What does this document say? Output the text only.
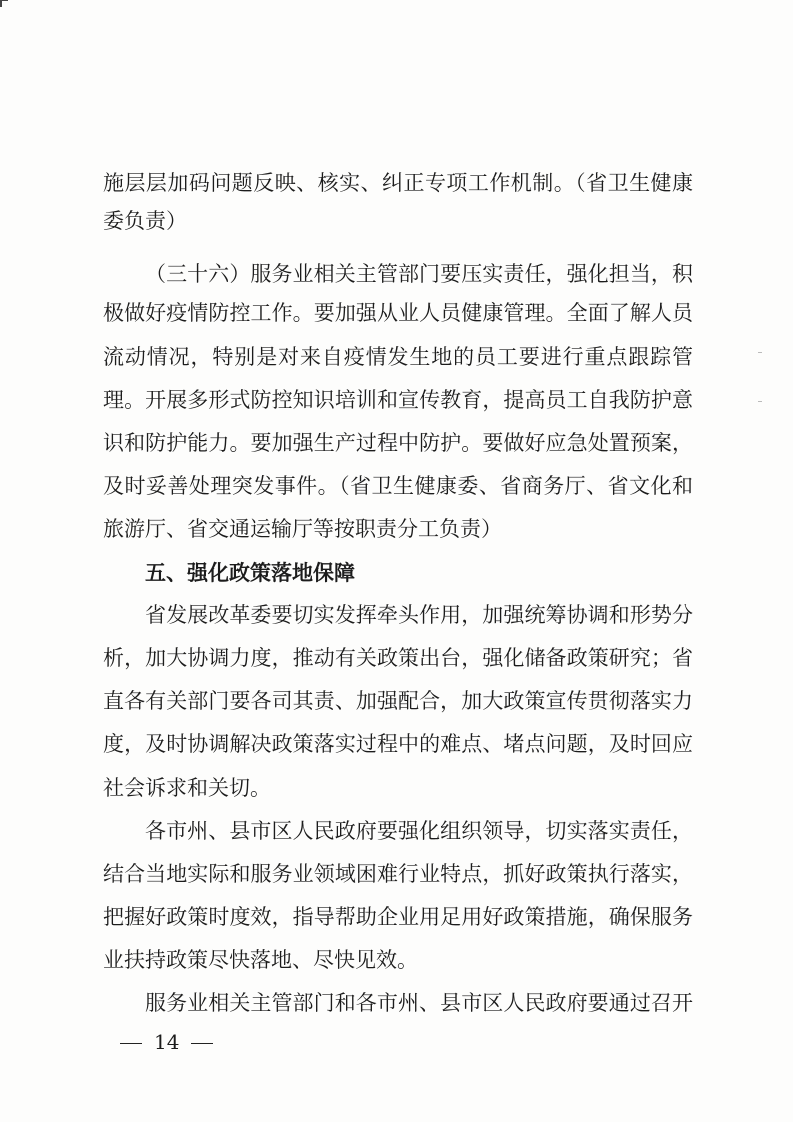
施层层加码问题反映、核实、纠正专项工作机制。（省卫生健康
委负责）
（三十六）服务业相关主管部门要压实责任，强化担当，积
极做好疫情防控工作。要加强从业人员健康管理。全面了解人员
流动情况，特别是对来自疫情发生地的员工要进行重点跟踪管
理。开展多形式防控知识培训和宣传教育，提高员工自我防护意
识和防护能力。要加强生产过程中防护。要做好应急处置预案，
及时妥善处理突发事件。（省卫生健康委、省商务厅、省文化和
旅游厅、省交通运输厅等按职责分工负责）
五、强化政策落地保障
省发展改革委要切实发挥牵头作用，加强统筹协调和形势分
析，加大协调力度，推动有关政策出台，强化储备政策研究；省
直各有关部门要各司其责、加强配合，加大政策宣传贯彻落实力
度，及时协调解决政策落实过程中的难点、堵点问题，及时回应
社会诉求和关切。
各市州、县市区人民政府要强化组织领导，切实落实责任，
结合当地实际和服务业领域困难行业特点，抓好政策执行落实，
把握好政策时度效，指导帮助企业用足用好政策措施，确保服务
业扶持政策尽快落地、尽快见效。
服务业相关主管部门和各市州、县市区人民政府要通过召开
14
